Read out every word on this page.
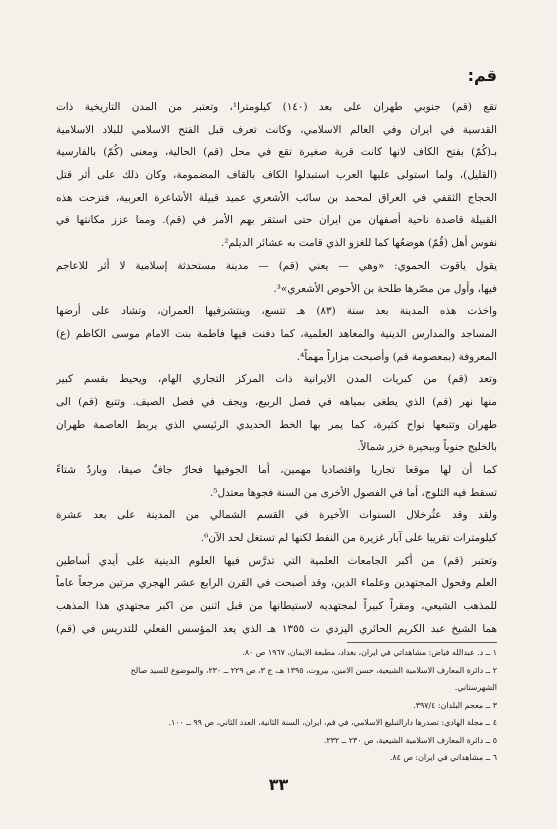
قم:
تقع (قم) جنوبي طهران على بعد (١٤٠) كيلومترا¹، وتعتبر من المدن التاريخية ذات
القدسية في ايران وفي العالم الاسلامي، وكانت تعرف قبل الفتح الاسلامي للبلاد الاسلامية
بـ(كُمّ) بفتح الكاف لانها كانت قرية صغيرة تقع في محل (قم) الحالية، ومعنى (كُمّ) بالفارسية
(القليل)، ولما استولى عليها العرب استبدلوا الكاف بالقاف المضمومة، وكان ذلك على أثر قتل
الحجاج الثقفي في العراق لمحمد بن سائب الأشعري عميد قبيلة الأشاعرة العربية، فنزحت هذه
القبيلة قاصدة ناحية أصفهان من ايران حتى استقر بهم الأمر في (قم). ومما عزز مكانتها في
نفوس أهل (قُمّ) هوضعُها كما للغزو الذي قامت به عشائر الديلم².
يقول ياقوت الحموي: «وهي — يعني (قم) — مدينة مستحدثة إسلامية لا أثر للاعاجم
فيها، وأول من مصّرها طلحة بن الأحوص الأشعري»³.
واخذت هذه المدينة بعد سنة (٨٣) هـ تتسع، وينتشرفيها العمران، وتشاد على أرضها
المساجد والمدارس الدينية والمعاهد العلمية، كما دفنت فيها فاطمة بنت الامام موسى الكاظم (ع)
المعروفة (بمعصومة قم) وأصبحت مزاراً مهماً⁴.
وتعد (قم) من كبريات المدن الايرانية ذات المركز التجاري الهام، ويحيط بقسم كبير
منها نهر (قم) الذي يطغى بمياهه في فصل الربيع، ويجف في فصل الصيف. وتتبع (قم) الى
طهران وتتبعها نواح كثيرة، كما يمر بها الخط الحديدي الرئيسي الذي يربط العاصمة طهران
بالخليج جنوباً وببحيرة خزر شمالاً.
كما أن لها موقعا تجاريا واقتصاديا مهمين، أما الجوفيها فحارٌ جافٌ صيفا، وباردٌ شتاءً
تسقط فيه الثلوج، أما في الفصول الأخرى من السنة فجوها معتدل⁵.
ولقد وقد عثُرخلال السنوات الأخيرة في القسم الشمالي من المدينة على بعد عشرة
كيلومترات تقريبا على آبار غزيرة من النفط لكنها لم تستغل لحد الآن⁶.
وتعتبر (قم) من أكبر الجامعات العلمية التي تدرَّس فيها العلوم الدينية على أيدي أساطين
العلم وفحول المجتهدين وعلماء الدين، وقد أصبحت في القرن الرابع عشر الهجري مرتين مرجعاً عاماً
للمذهب الشيعي، ومقراً كبيراً لمجتهديه لاستيطانها من قبل اثنين من اكبر مجتهدي هذا المذهب
هما الشيخ عبد الكريم الحائري اليزدي ت ١٣٥٥ هـ الذي يعد المؤسس الفعلي للتدريس في (قم)
١ ــ د. عبدالله فياض: مشاهداتي في ايران، بغداد، مطبعة الايمان، ١٩٦٧ ص ٨٠.
٢ ــ دائرة المعارف الاسلامية الشيعية، حسن الامين، بيروت، ١٣٩٥ هـ، ج ٣، ص ٢٢٩ ــ ٢٣٠، والموضوع للسيد صالح
الشهرستاني.
٣ ــ معجم البلدان: ٣٩٧/٤.
٤ ــ مجلة الهادي: تصدرها دارالتبليغ الاسلامي، في قم، ايران، السنة الثانية، العدد الثاني، ص ٩٩ ــ ١٠٠.
٥ ــ دائرة المعارف الاسلامية الشيعية، ص ٢٣٠ ــ ٢٣٢.
٦ ــ مشاهداتي في ايران: ص ٨٤.
٣٣
